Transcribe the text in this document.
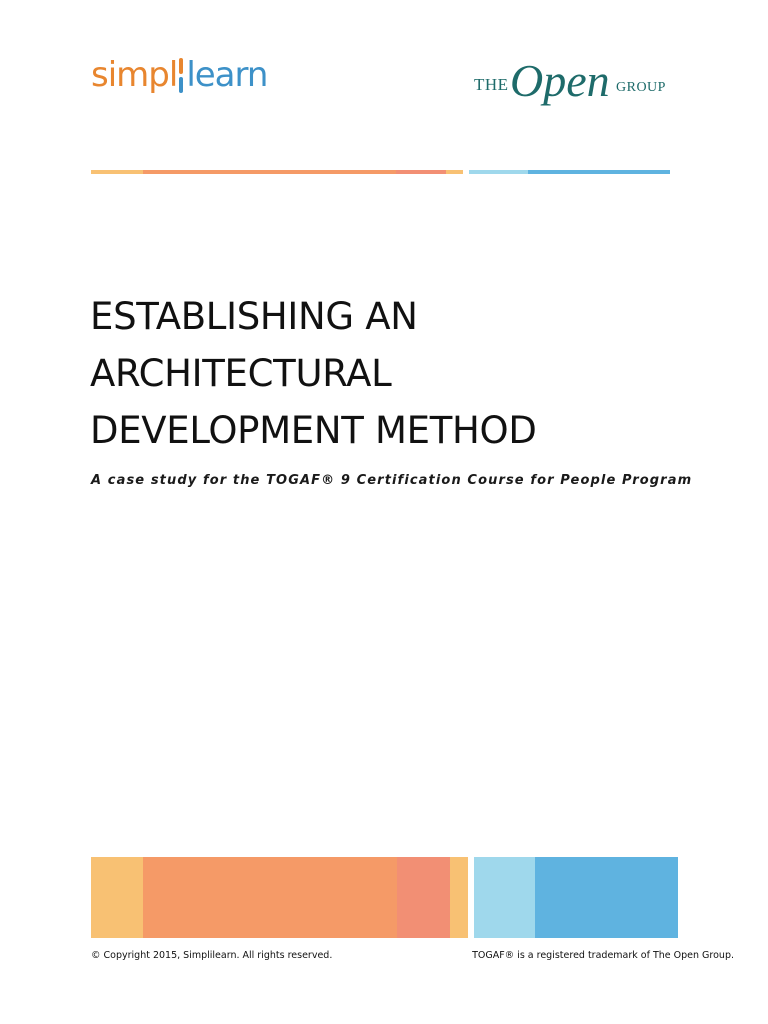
simpl learn	THE Open GROUP
ESTABLISHING AN
ARCHITECTURAL
DEVELOPMENT METHOD

A case study for the TOGAF® 9 Certification Course for People Program

© Copyright 2015, Simplilearn. All rights reserved.	TOGAF® is a registered trademark of The Open Group.
